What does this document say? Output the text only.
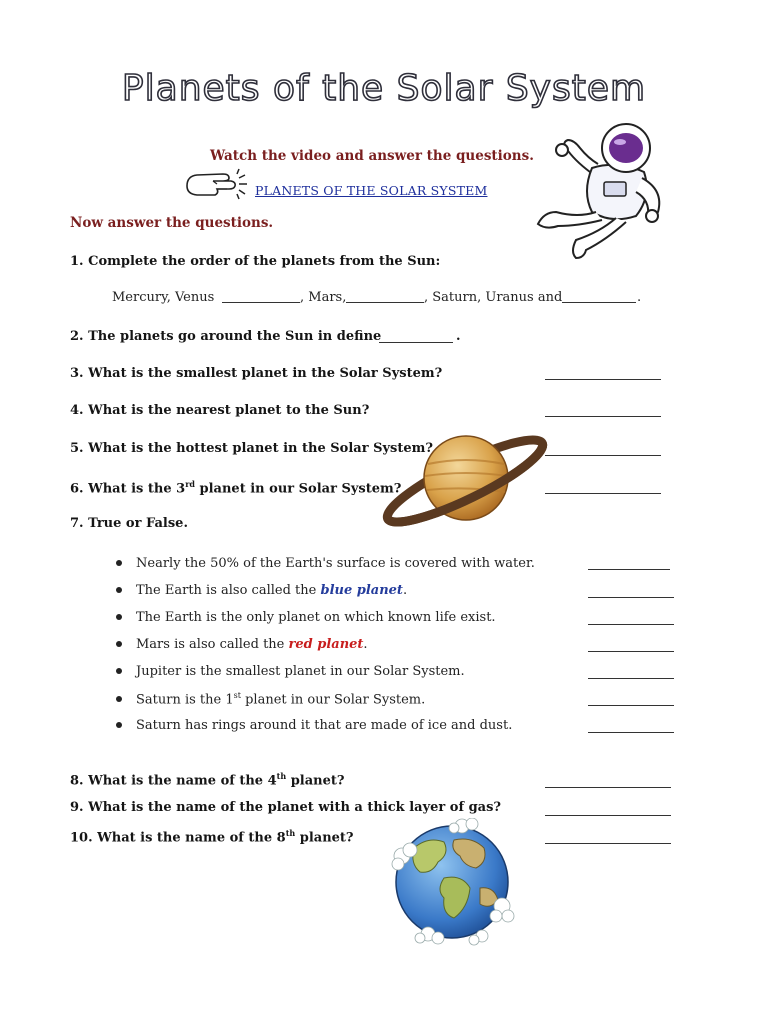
Planets of the Solar System
Watch the video and answer the questions.
PLANETS OF THE SOLAR SYSTEM
Now answer the questions.
1. Complete the order of the planets from the Sun:
Mercury, Venus	, Mars,	, Saturn, Uranus and	.
2. The planets go around the Sun in define	.
3. What is the smallest planet in the Solar System?
4. What is the nearest planet to the Sun?
5. What is the hottest planet in the Solar System?
6. What is the 3rd planet in our Solar System?
7. True or False.
Nearly the 50% of the Earth's surface is covered with water.
The Earth is also called the blue planet.
The Earth is the only planet on which known life exist.
Mars is also called the red planet.
Jupiter is the smallest planet in our Solar System.
Saturn is the 1st planet in our Solar System.
Saturn has rings around it that are made of ice and dust.
8. What is the name of the 4th planet?
9. What is the name of the planet with a thick layer of gas?
10. What is the name of the 8th planet?
